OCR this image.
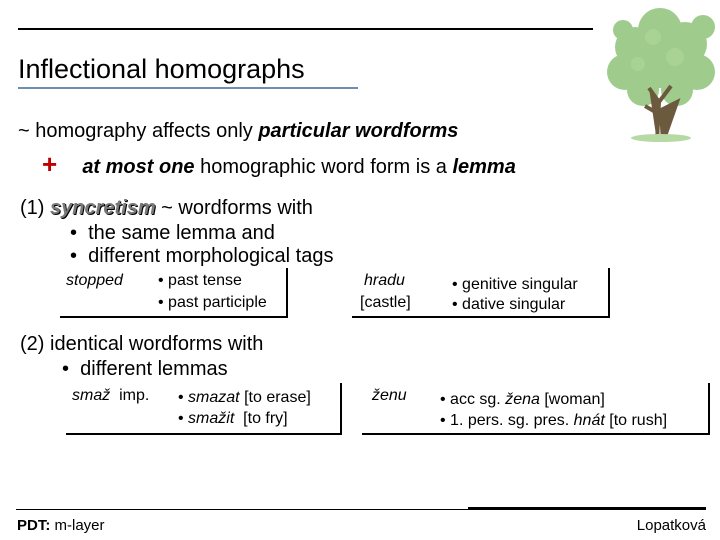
Inflectional homographs
~ homography affects only particular wordforms
+ at most one homographic word form is a lemma
(1) syncretism ~ wordforms with
•  the same lemma and
•  different morphological tags
stopped • past tense
• past participle
hradu
[castle]
• genitive singular
• dative singular
(2) identical wordforms with
•  different lemmas
smaž imp. • smazat [to erase]
• smažit [to fry]
ženu • acc sg. žena [woman]
• 1. pers. sg. pres. hnát [to rush]
PDT: m-layer	Lopatková
